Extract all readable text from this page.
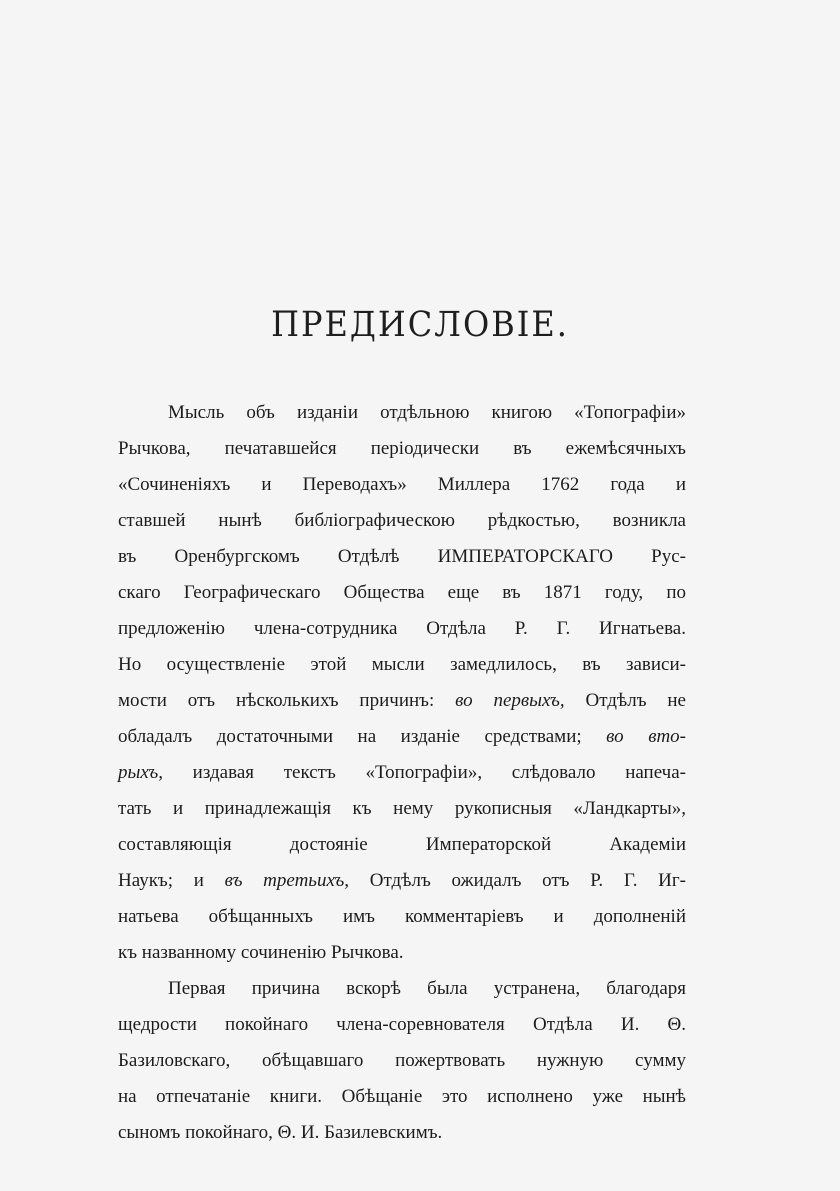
ПРЕДИСЛОВІЕ.
Мысль объ изданіи отдѣльною книгою «Топографіи»
Рычкова, печатавшейся періодически въ ежемѣсячныхъ
«Сочиненіяхъ и Переводахъ» Миллера 1762 года и
ставшей нынѣ библіографическою рѣдкостью, возникла
въ Оренбургскомъ Отдѣлѣ ИМПЕРАТОРСКАГО Рус-
скаго Географическаго Общества еще въ 1871 году, по
предложенію члена-сотрудника Отдѣла Р. Г. Игнатьева.
Но осуществленіе этой мысли замедлилось, въ зависи-
мости отъ нѣсколькихъ причинъ: во первыхъ, Отдѣлъ не
обладалъ достаточными на изданіе средствами; во вто-
рыхъ, издавая текстъ «Топографіи», слѣдовало напеча-
тать и принадлежащія къ нему рукописныя «Ландкарты»,
составляющія достояніе Императорской Академіи
Наукъ; и въ третьихъ, Отдѣлъ ожидалъ отъ Р. Г. Иг-
натьева обѣщанныхъ имъ комментаріевъ и дополненій
къ названному сочиненію Рычкова.
Первая причина вскорѣ была устранена, благодаря
щедрости покойнаго члена-соревнователя Отдѣла И. Θ.
Базиловскаго, обѣщавшаго пожертвовать нужную сумму
на отпечатаніе книги. Обѣщаніе это исполнено уже нынѣ
сыномъ покойнаго, Θ. И. Базилевскимъ.
